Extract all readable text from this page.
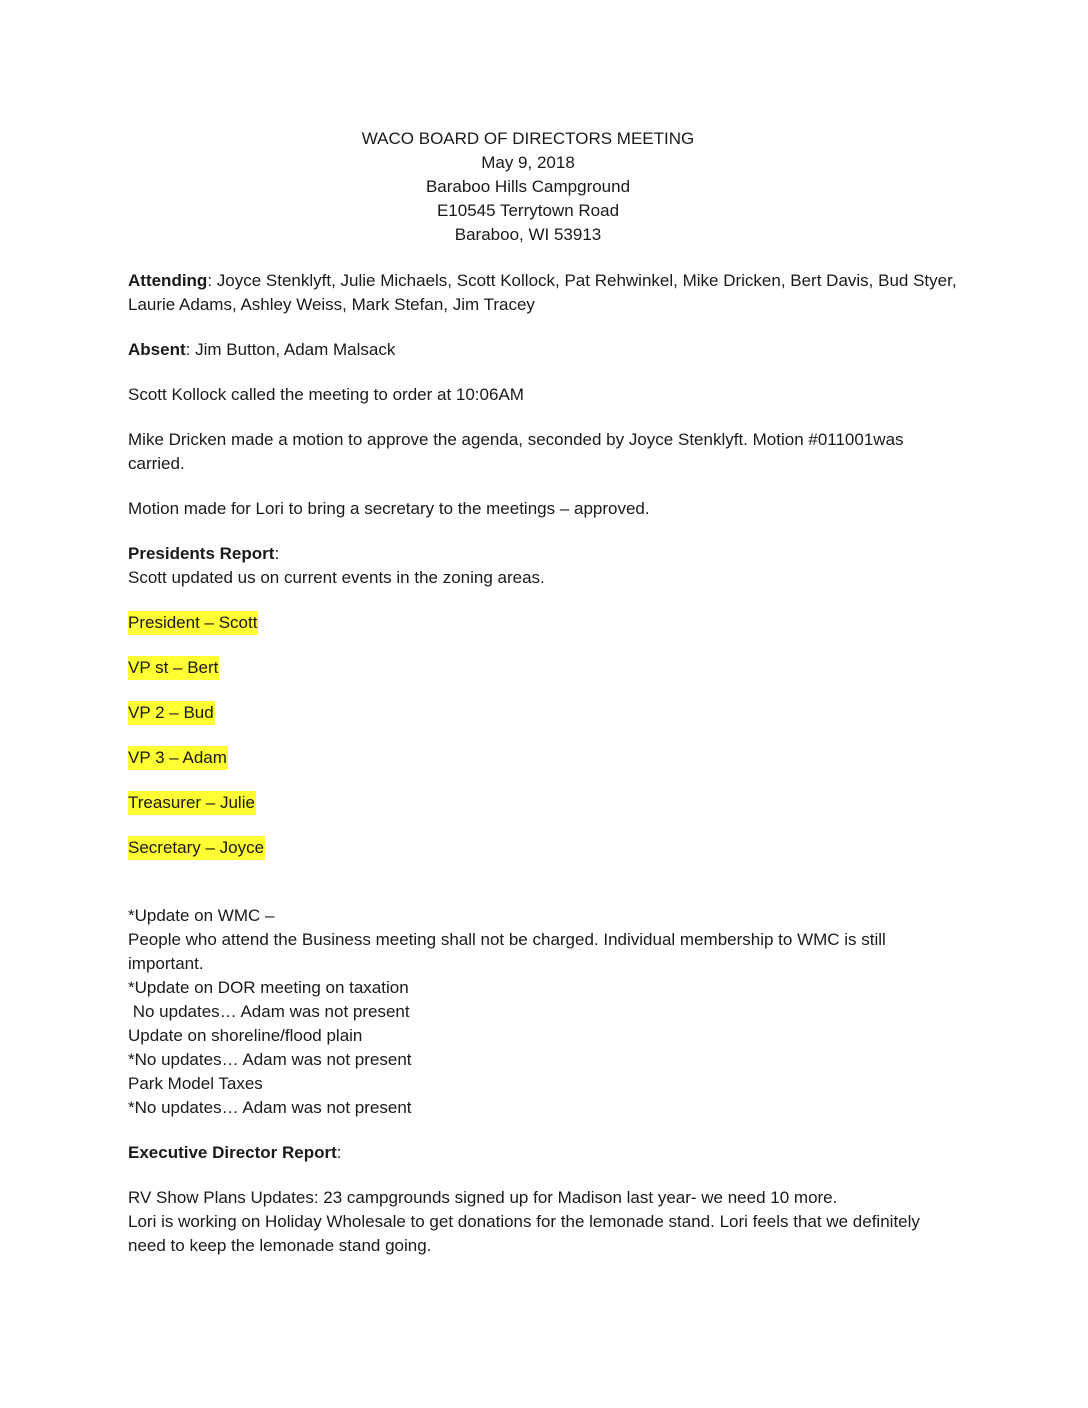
WACO BOARD OF DIRECTORS MEETING
May 9, 2018
Baraboo Hills Campground
E10545 Terrytown Road
Baraboo, WI 53913

Attending: Joyce Stenklyft, Julie Michaels, Scott Kollock, Pat Rehwinkel, Mike Dricken, Bert Davis, Bud Styer, Laurie Adams, Ashley Weiss, Mark Stefan, Jim Tracey

Absent: Jim Button, Adam Malsack

Scott Kollock called the meeting to order at 10:06AM

Mike Dricken made a motion to approve the agenda, seconded by Joyce Stenklyft. Motion #011001was carried.

Motion made for Lori to bring a secretary to the meetings – approved.

Presidents Report:

Scott updated us on current events in the zoning areas.

President – Scott

VP st – Bert

VP 2 – Bud

VP 3 – Adam

Treasurer – Julie

Secretary – Joyce

*Update on WMC –

People who attend the Business meeting shall not be charged. Individual membership to WMC is still important.

*Update on DOR meeting on taxation

No updates… Adam was not present

Update on shoreline/flood plain

*No updates… Adam was not present

Park Model Taxes

*No updates… Adam was not present

Executive Director Report:

RV Show Plans Updates: 23 campgrounds signed up for Madison last year- we need 10 more.

Lori is working on Holiday Wholesale to get donations for the lemonade stand. Lori feels that we definitely need to keep the lemonade stand going.
